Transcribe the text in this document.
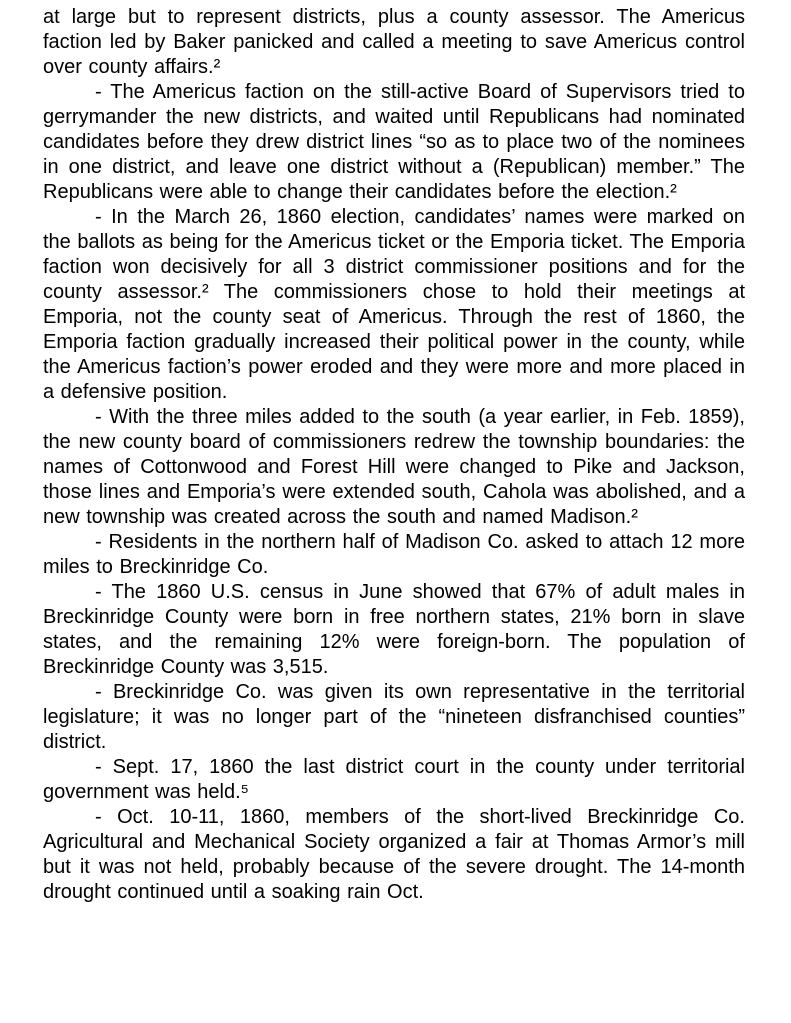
at large but to represent districts, plus a county assessor. The Americus faction led by Baker panicked and called a meeting to save Americus control over county affairs.²

- The Americus faction on the still-active Board of Supervisors tried to gerrymander the new districts, and waited until Republicans had nominated candidates before they drew district lines “so as to place two of the nominees in one district, and leave one district without a (Republican) member.” The Republicans were able to change their candidates before the election.²

- In the March 26, 1860 election, candidates’ names were marked on the ballots as being for the Americus ticket or the Emporia ticket. The Emporia faction won decisively for all 3 district commissioner positions and for the county assessor.² The commissioners chose to hold their meetings at Emporia, not the county seat of Americus. Through the rest of 1860, the Emporia faction gradually increased their political power in the county, while the Americus faction’s power eroded and they were more and more placed in a defensive position.

- With the three miles added to the south (a year earlier, in Feb. 1859), the new county board of commissioners redrew the township boundaries: the names of Cottonwood and Forest Hill were changed to Pike and Jackson, those lines and Emporia’s were extended south, Cahola was abolished, and a new township was created across the south and named Madison.²

- Residents in the northern half of Madison Co. asked to attach 12 more miles to Breckinridge Co.

- The 1860 U.S. census in June showed that 67% of adult males in Breckinridge County were born in free northern states, 21% born in slave states, and the remaining 12% were foreign-born. The population of Breckinridge County was 3,515.

- Breckinridge Co. was given its own representative in the territorial legislature; it was no longer part of the “nineteen disfranchised counties” district.

- Sept. 17, 1860 the last district court in the county under territorial government was held.⁵

- Oct. 10-11, 1860, members of the short-lived Breckinridge Co. Agricultural and Mechanical Society organized a fair at Thomas Armor’s mill but it was not held, probably because of the severe drought. The 14-month drought continued until a soaking rain Oct.
